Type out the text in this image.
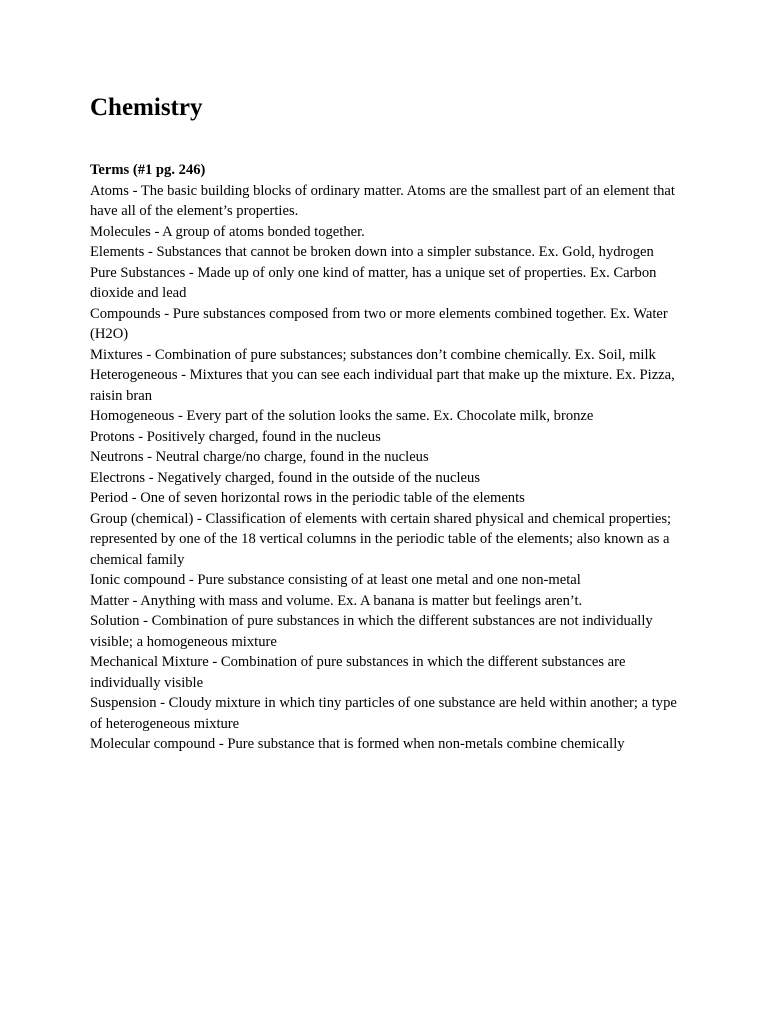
Chemistry
Terms (#1 pg. 246)

Atoms - The basic building blocks of ordinary matter. Atoms are the smallest part of an element that have all of the element’s properties.

Molecules - A group of atoms bonded together.

Elements - Substances that cannot be broken down into a simpler substance. Ex. Gold, hydrogen

Pure Substances - Made up of only one kind of matter, has a unique set of properties. Ex. Carbon dioxide and lead

Compounds - Pure substances composed from two or more elements combined together. Ex. Water (H2O)

Mixtures - Combination of pure substances; substances don’t combine chemically. Ex. Soil, milk

Heterogeneous - Mixtures that you can see each individual part that make up the mixture. Ex. Pizza, raisin bran

Homogeneous - Every part of the solution looks the same. Ex. Chocolate milk, bronze

Protons - Positively charged, found in the nucleus

Neutrons - Neutral charge/no charge, found in the nucleus

Electrons - Negatively charged, found in the outside of the nucleus

Period - One of seven horizontal rows in the periodic table of the elements

Group (chemical) - Classification of elements with certain shared physical and chemical properties; represented by one of the 18 vertical columns in the periodic table of the elements; also known as a chemical family

Ionic compound - Pure substance consisting of at least one metal and one non-metal

Matter - Anything with mass and volume. Ex. A banana is matter but feelings aren’t.

Solution - Combination of pure substances in which the different substances are not individually visible; a homogeneous mixture

Mechanical Mixture - Combination of pure substances in which the different substances are individually visible

Suspension - Cloudy mixture in which tiny particles of one substance are held within another; a type of heterogeneous mixture

Molecular compound - Pure substance that is formed when non-metals combine chemically
